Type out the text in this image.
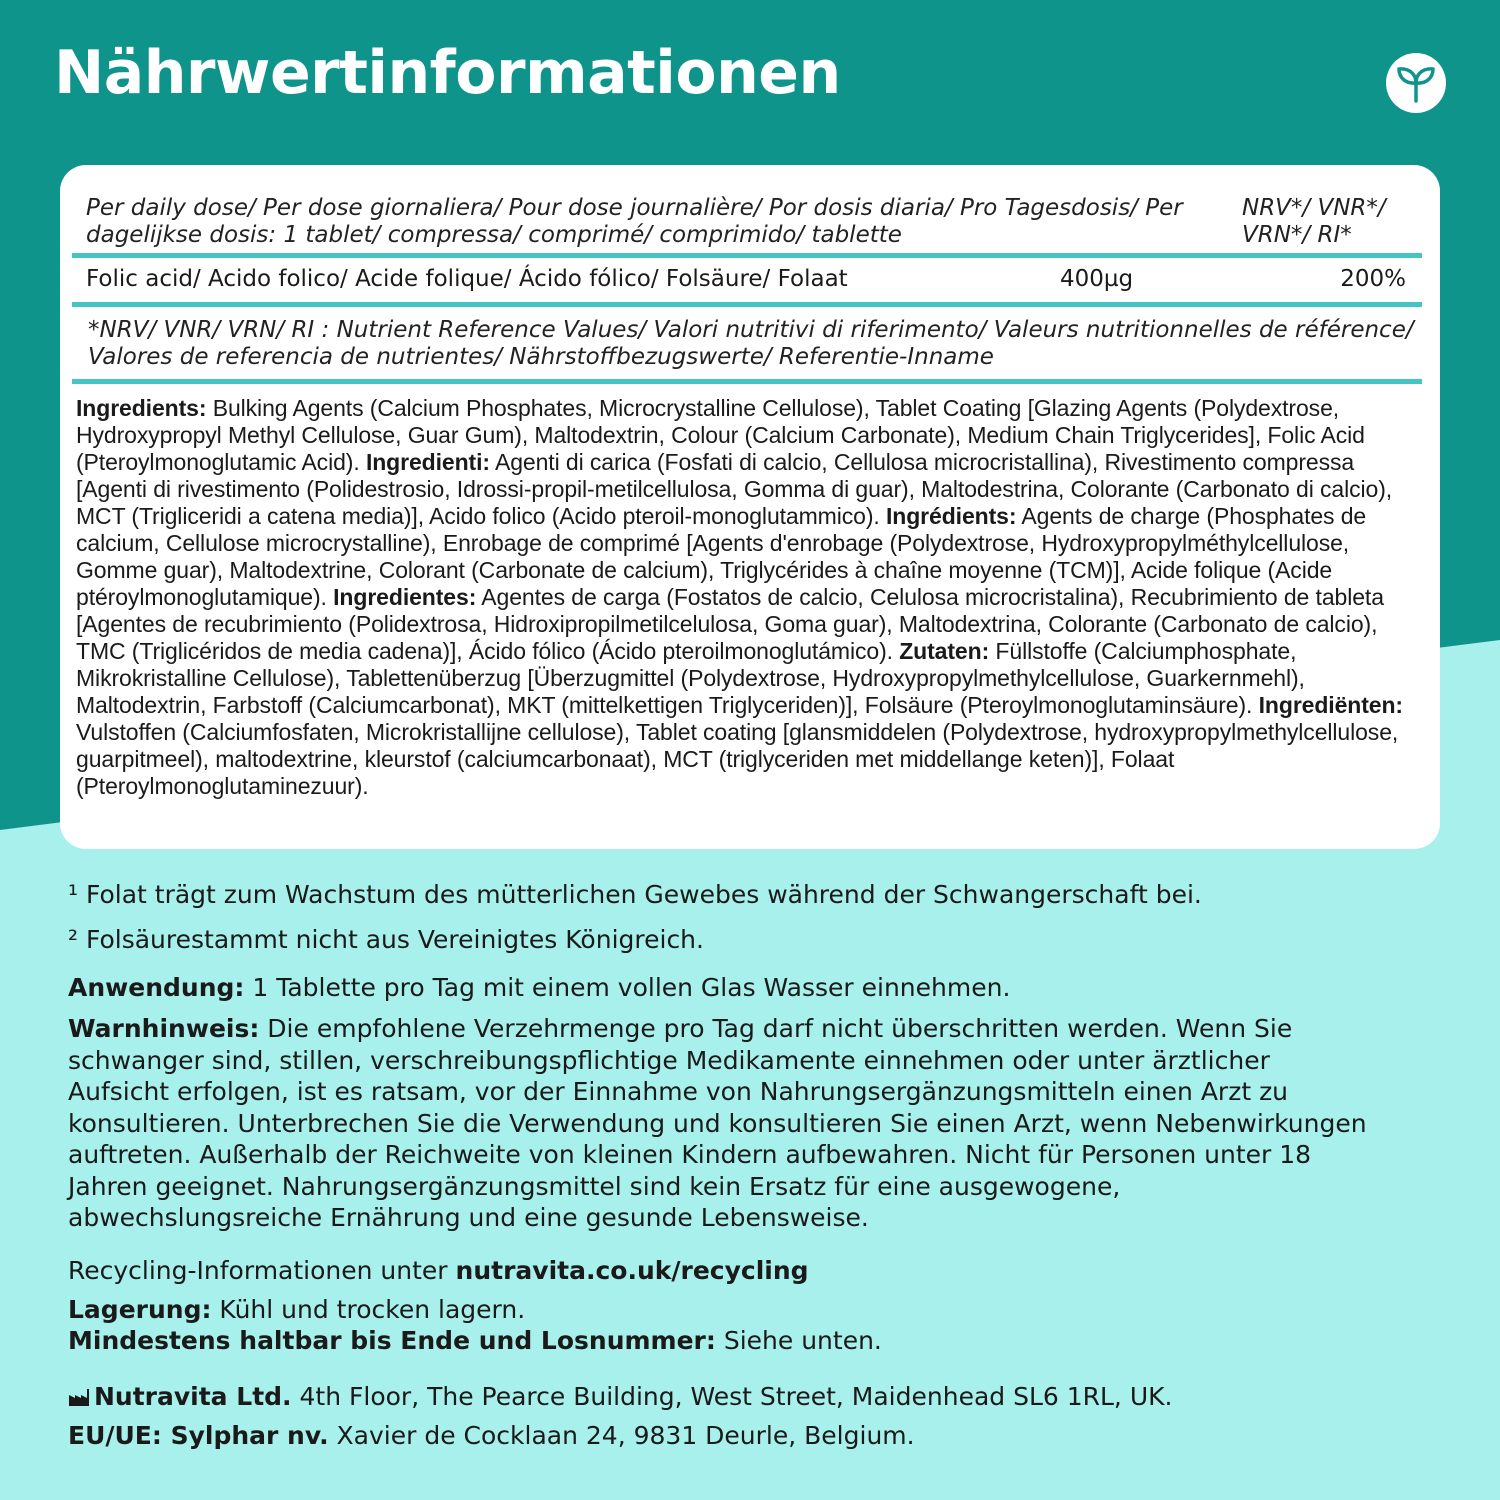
Nährwertinformationen
Per daily dose/ Per dose giornaliera/ Pour dose journalière/ Por dosis diaria/ Pro Tagesdosis/ Per dagelijkse dosis: 1 tablet/ compressa/ comprimé/ comprimido/ tablette
NRV*/ VNR*/ VRN*/ RI*
Folic acid/ Acido folico/ Acide folique/ Ácido fólico/ Folsäure/ Folaat	400µg	200%
*NRV/ VNR/ VRN/ RI : Nutrient Reference Values/ Valori nutritivi di riferimento/ Valeurs nutritionnelles de référence/ Valores de referencia de nutrientes/ Nährstoffbezugswerte/ Referentie-Inname
Ingredients: Bulking Agents (Calcium Phosphates, Microcrystalline Cellulose), Tablet Coating [Glazing Agents (Polydextrose, Hydroxypropyl Methyl Cellulose, Guar Gum), Maltodextrin, Colour (Calcium Carbonate), Medium Chain Triglycerides], Folic Acid (Pteroylmonoglutamic Acid). Ingredienti: Agenti di carica (Fosfati di calcio, Cellulosa microcristallina), Rivestimento compressa [Agenti di rivestimento (Polidestrosio, Idrossi-propil-metilcellulosa, Gomma di guar), Maltodestrina, Colorante (Carbonato di calcio), MCT (Trigliceridi a catena media)], Acido folico (Acido pteroil-monoglutammico). Ingrédients: Agents de charge (Phosphates de calcium, Cellulose microcrystalline), Enrobage de comprimé [Agents d'enrobage (Polydextrose, Hydroxypropylméthylcellulose, Gomme guar), Maltodextrine, Colorant (Carbonate de calcium), Triglycérides à chaîne moyenne (TCM)], Acide folique (Acide ptéroylmonoglutamique). Ingredientes: Agentes de carga (Fostatos de calcio, Celulosa microcristalina), Recubrimiento de tableta [Agentes de recubrimiento (Polidextrosa, Hidroxipropilmetilcelulosa, Goma guar), Maltodextrina, Colorante (Carbonato de calcio), TMC (Triglicéridos de media cadena)], Ácido fólico (Ácido pteroilmonoglutámico). Zutaten: Füllstoffe (Calciumphosphate, Mikrokristalline Cellulose), Tablettenüberzug [Überzugmittel (Polydextrose, Hydroxypropylmethylcellulose, Guarkernmehl), Maltodextrin, Farbstoff (Calciumcarbonat), MKT (mittelkettigen Triglyceriden)], Folsäure (Pteroylmonoglutaminsäure). Ingrediënten: Vulstoffen (Calciumfosfaten, Microkristallijne cellulose), Tablet coating [glansmiddelen (Polydextrose, hydroxypropylmethylcellulose, guarpitmeel), maltodextrine, kleurstof (calciumcarbonaat), MCT (triglyceriden met middellange keten)], Folaat (Pteroylmonoglutaminezuur).
¹ Folat trägt zum Wachstum des mütterlichen Gewebes während der Schwangerschaft bei.
² Folsäurestammt nicht aus Vereinigtes Königreich.
Anwendung: 1 Tablette pro Tag mit einem vollen Glas Wasser einnehmen.
Warnhinweis: Die empfohlene Verzehrmenge pro Tag darf nicht überschritten werden. Wenn Sie schwanger sind, stillen, verschreibungspflichtige Medikamente einnehmen oder unter ärztlicher Aufsicht erfolgen, ist es ratsam, vor der Einnahme von Nahrungsergänzungsmitteln einen Arzt zu konsultieren. Unterbrechen Sie die Verwendung und konsultieren Sie einen Arzt, wenn Nebenwirkungen auftreten. Außerhalb der Reichweite von kleinen Kindern aufbewahren. Nicht für Personen unter 18 Jahren geeignet. Nahrungsergänzungsmittel sind kein Ersatz für eine ausgewogene, abwechslungsreiche Ernährung und eine gesunde Lebensweise.
Recycling-Informationen unter nutravita.co.uk/recycling
Lagerung: Kühl und trocken lagern.
Mindestens haltbar bis Ende und Losnummer: Siehe unten.
Nutravita Ltd. 4th Floor, The Pearce Building, West Street, Maidenhead SL6 1RL, UK.
EU/UE: Sylphar nv. Xavier de Cocklaan 24, 9831 Deurle, Belgium.
